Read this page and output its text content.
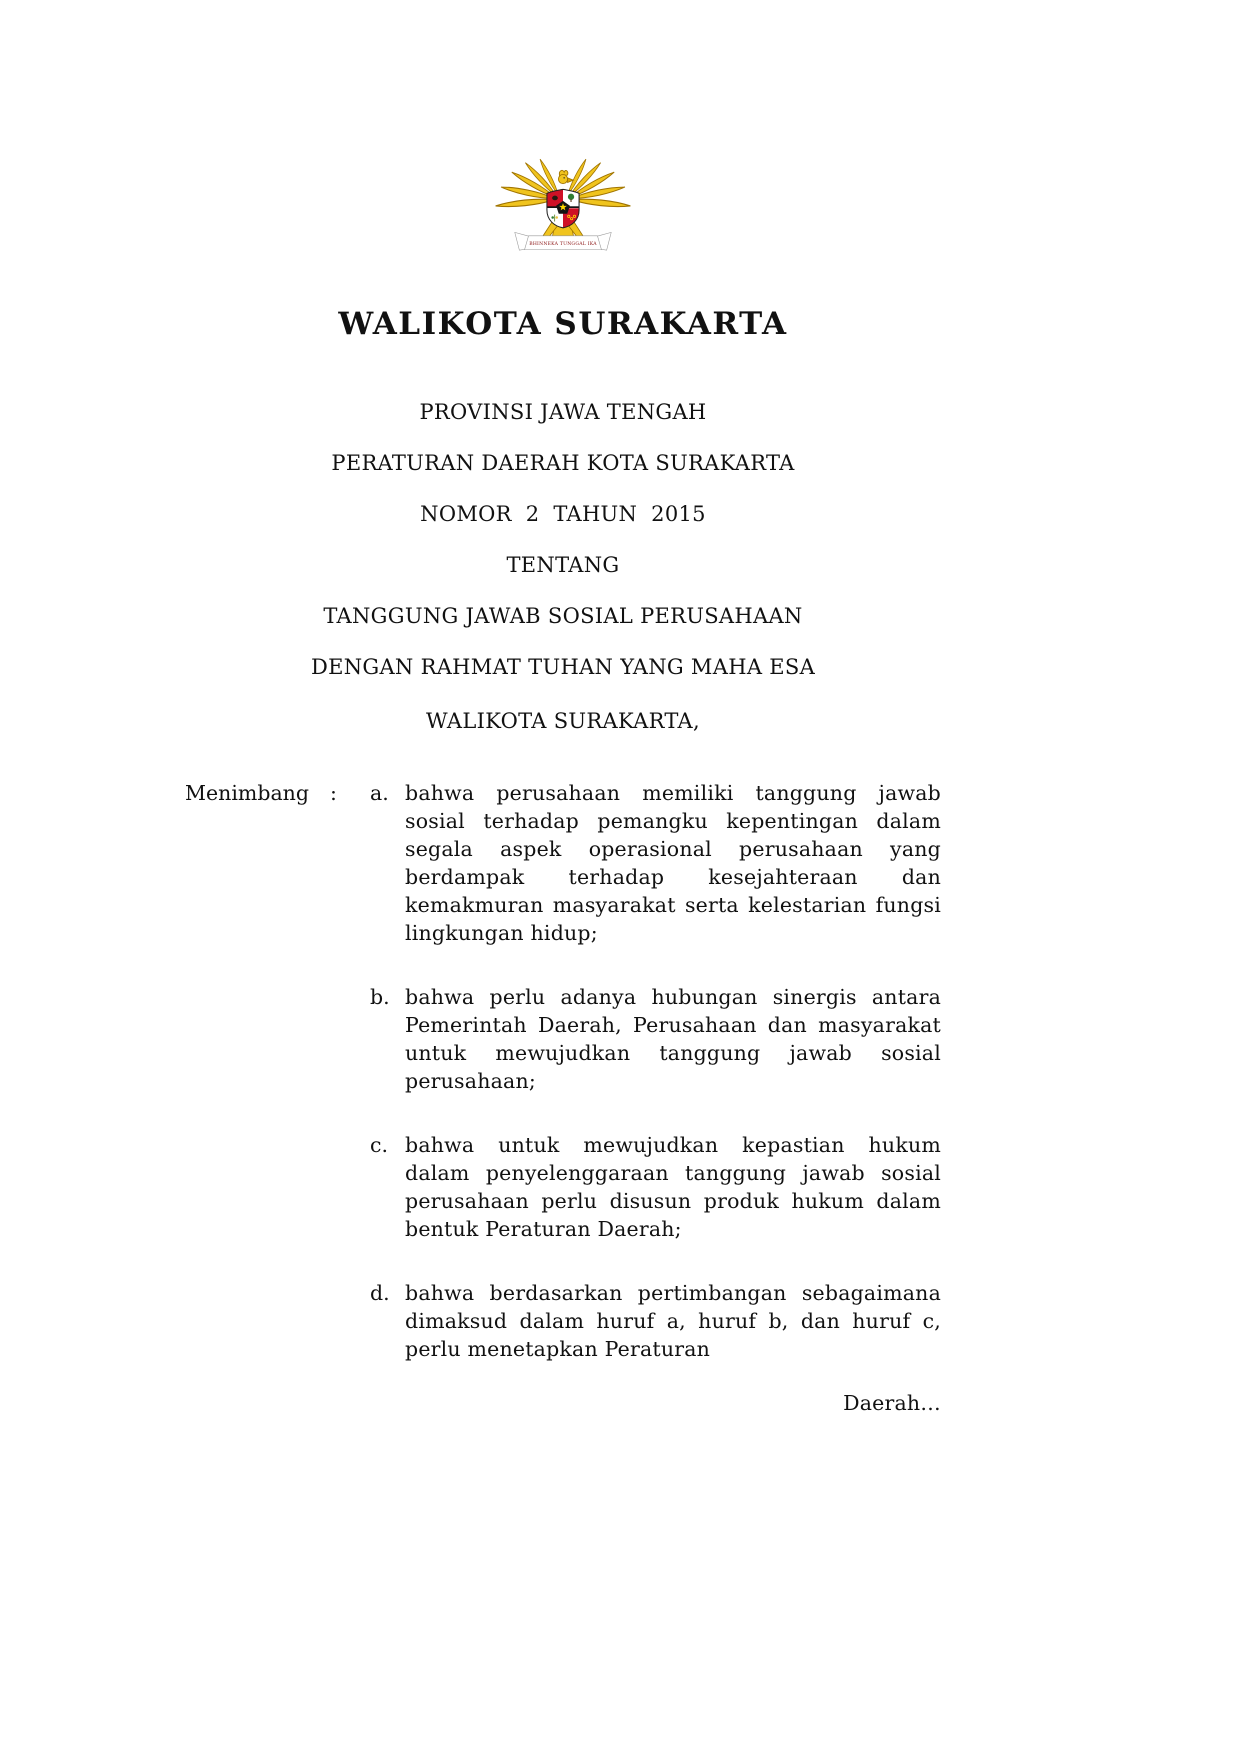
BHINNEKA TUNGGAL IKA
WALIKOTA SURAKARTA

PROVINSI JAWA TENGAH

PERATURAN DAERAH KOTA SURAKARTA

NOMOR  2  TAHUN  2015

TENTANG

TANGGUNG JAWAB SOSIAL PERUSAHAAN

DENGAN RAHMAT TUHAN YANG MAHA ESA

WALIKOTA SURAKARTA,

Menimbang	:	a. bahwa perusahaan memiliki tanggung jawab sosial terhadap pemangku kepentingan dalam segala aspek operasional perusahaan yang berdampak terhadap kesejahteraan dan kemakmuran masyarakat serta kelestarian fungsi lingkungan hidup;
b. bahwa perlu adanya hubungan sinergis antara Pemerintah Daerah, Perusahaan dan masyarakat untuk mewujudkan tanggung jawab sosial perusahaan;
c. bahwa untuk mewujudkan kepastian hukum dalam penyelenggaraan tanggung jawab sosial perusahaan perlu disusun produk hukum dalam bentuk Peraturan Daerah;
d. bahwa berdasarkan pertimbangan sebagaimana dimaksud dalam huruf a, huruf b, dan huruf c, perlu menetapkan Peraturan

Daerah…
